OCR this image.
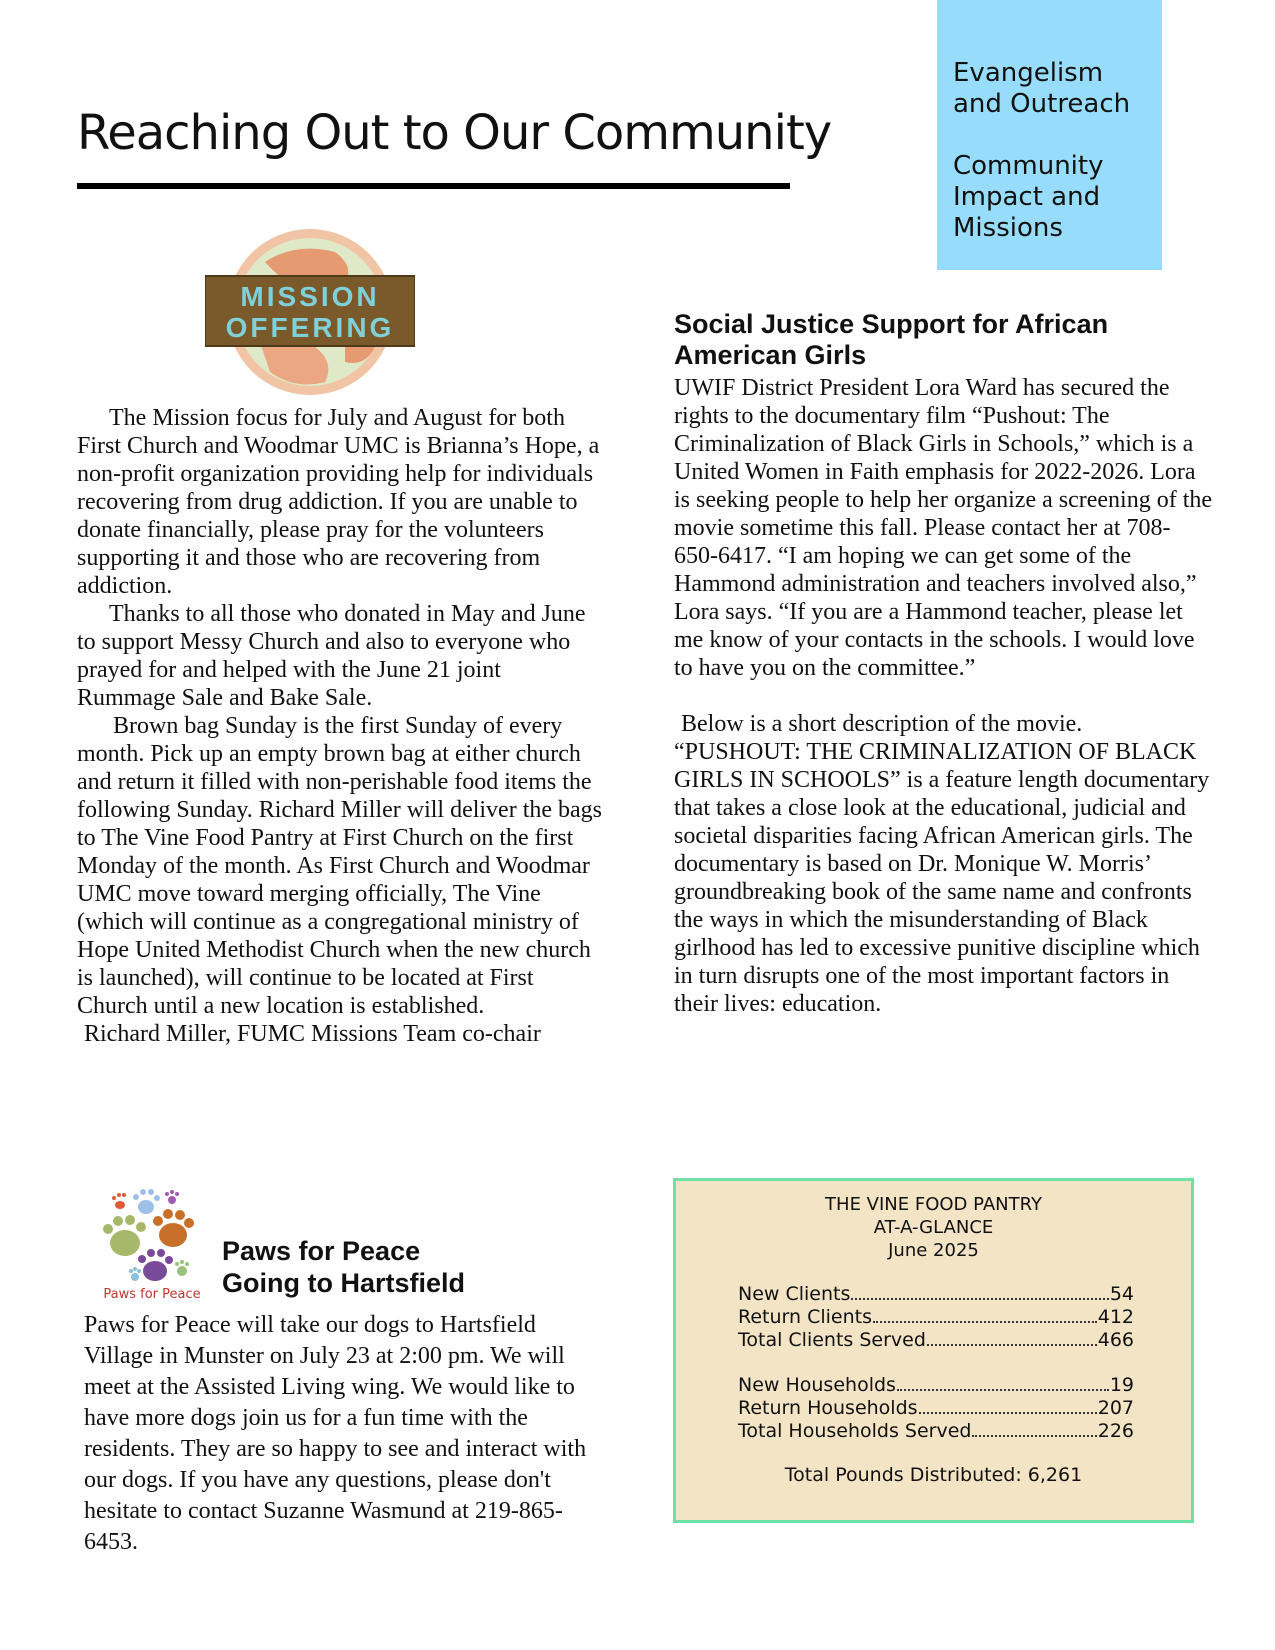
Evangelism
and Outreach
Community
Impact and
Missions
Reaching Out to Our Community
MISSION
OFFERING

The Mission focus for July and August for both First Church and Woodmar UMC is Brianna’s Hope, a non-profit organization providing help for individuals recovering from drug addiction. If you are unable to donate financially, please pray for the volunteers supporting it and those who are recovering from addiction.

Thanks to all those who donated in May and June to support Messy Church and also to everyone who prayed for and helped with the June 21 joint Rummage Sale and Bake Sale.

Brown bag Sunday is the first Sunday of every month. Pick up an empty brown bag at either church and return it filled with non-perishable food items the following Sunday. Richard Miller will deliver the bags to The Vine Food Pantry at First Church on the first Monday of the month. As First Church and Woodmar UMC move toward merging officially, The Vine (which will continue as a congregational ministry of Hope United Methodist Church when the new church is launched), will continue to be located at First Church until a new location is established.

Richard Miller, FUMC Missions Team co-chair

Social Justice Support for African American Girls

UWIF District President Lora Ward has secured the rights to the documentary film “Pushout: The Criminalization of Black Girls in Schools,” which is a United Women in Faith emphasis for 2022-2026. Lora is seeking people to help her organize a screening of the movie sometime this fall. Please contact her at 708-650-6417. “I am hoping we can get some of the Hammond administration and teachers involved also,” Lora says. “If you are a Hammond teacher, please let me know of your contacts in the schools. I would love to have you on the committee.”

Below is a short description of the movie.

“PUSHOUT: THE CRIMINALIZATION OF BLACK GIRLS IN SCHOOLS” is a feature length documentary that takes a close look at the educational, judicial and societal disparities facing African American girls. The documentary is based on Dr. Monique W. Morris’ groundbreaking book of the same name and confronts the ways in which the misunderstanding of Black girlhood has led to excessive punitive discipline which in turn disrupts one of the most important factors in their lives: education.

Paws for Peace
Paws for Peace
Going to Hartsfield

Paws for Peace will take our dogs to Hartsfield Village in Munster on July 23 at 2:00 pm. We will meet at the Assisted Living wing. We would like to have more dogs join us for a fun time with the residents. They are so happy to see and interact with our dogs. If you have any questions, please don't hesitate to contact Suzanne Wasmund at 219-865-6453.

THE VINE FOOD PANTRY
AT-A-GLANCE
June 2025
New Clients	54
Return Clients	412
Total Clients Served	466
New Households	19
Return Households	207
Total Households Served	226
Total Pounds Distributed: 6,261
